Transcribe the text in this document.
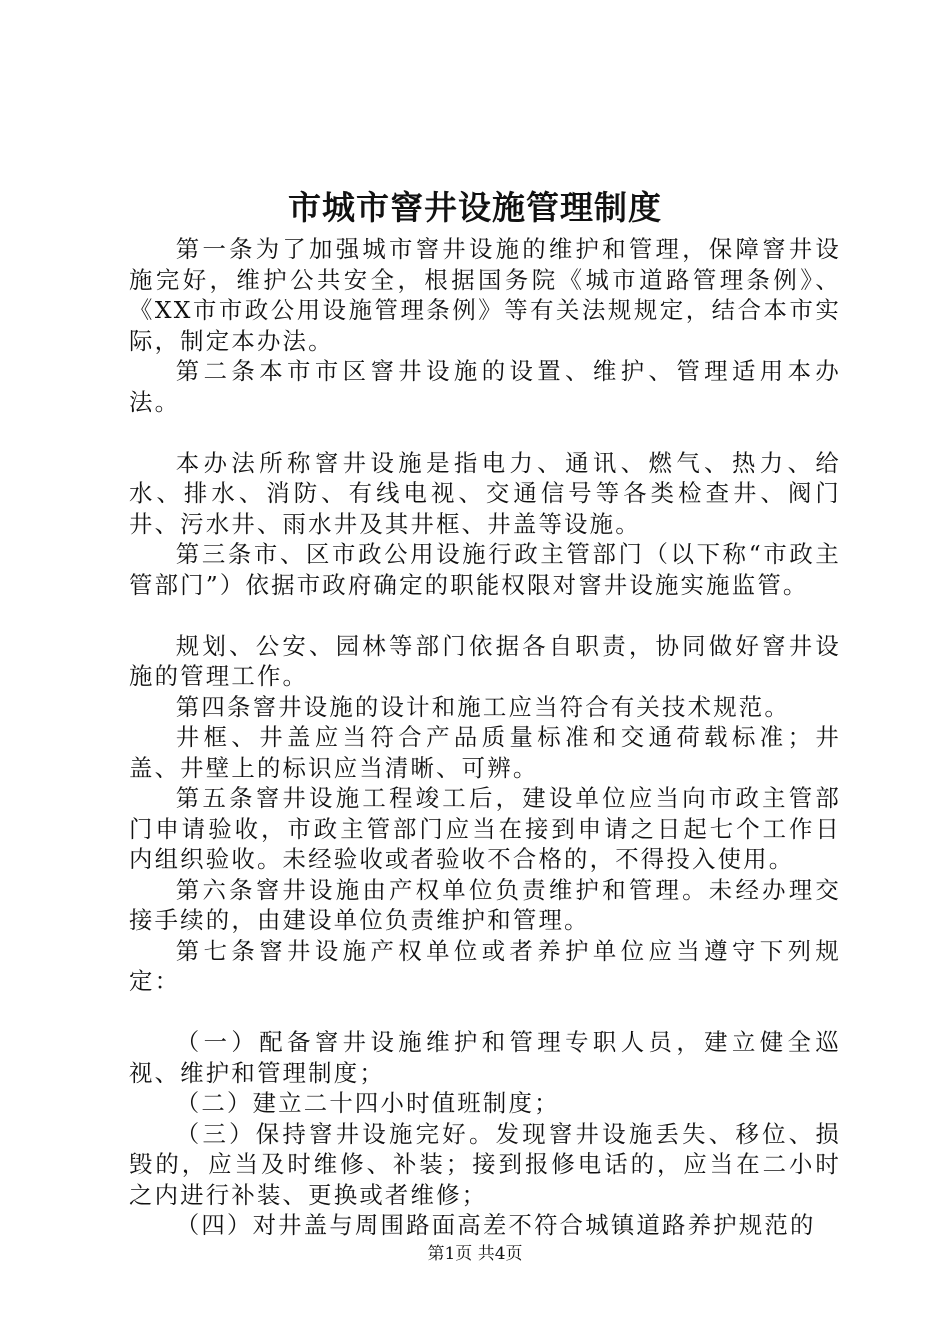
市城市窨井设施管理制度

第一条为了加强城市窨井设施的维护和管理，保障窨井设施完好，维护公共安全，根据国务院《城市道路管理条例》、《XX市市政公用设施管理条例》等有关法规规定，结合本市实际，制定本办法。

第二条本市市区窨井设施的设置、维护、管理适用本办法。

本办法所称窨井设施是指电力、通讯、燃气、热力、给水、排水、消防、有线电视、交通信号等各类检查井、阀门井、污水井、雨水井及其井框、井盖等设施。

第三条市、区市政公用设施行政主管部门（以下称“市政主管部门”）依据市政府确定的职能权限对窨井设施实施监管。

规划、公安、园林等部门依据各自职责，协同做好窨井设施的管理工作。

第四条窨井设施的设计和施工应当符合有关技术规范。

井框、井盖应当符合产品质量标准和交通荷载标准；井盖、井壁上的标识应当清晰、可辨。

第五条窨井设施工程竣工后，建设单位应当向市政主管部门申请验收，市政主管部门应当在接到申请之日起七个工作日内组织验收。未经验收或者验收不合格的，不得投入使用。

第六条窨井设施由产权单位负责维护和管理。未经办理交接手续的，由建设单位负责维护和管理。

第七条窨井设施产权单位或者养护单位应当遵守下列规定：

（一）配备窨井设施维护和管理专职人员，建立健全巡视、维护和管理制度；

（二）建立二十四小时值班制度；

（三）保持窨井设施完好。发现窨井设施丢失、移位、损毁的，应当及时维修、补装；接到报修电话的，应当在二小时之内进行补装、更换或者维修；

（四）对井盖与周围路面高差不符合城镇道路养护规范的

第1页 共4页
